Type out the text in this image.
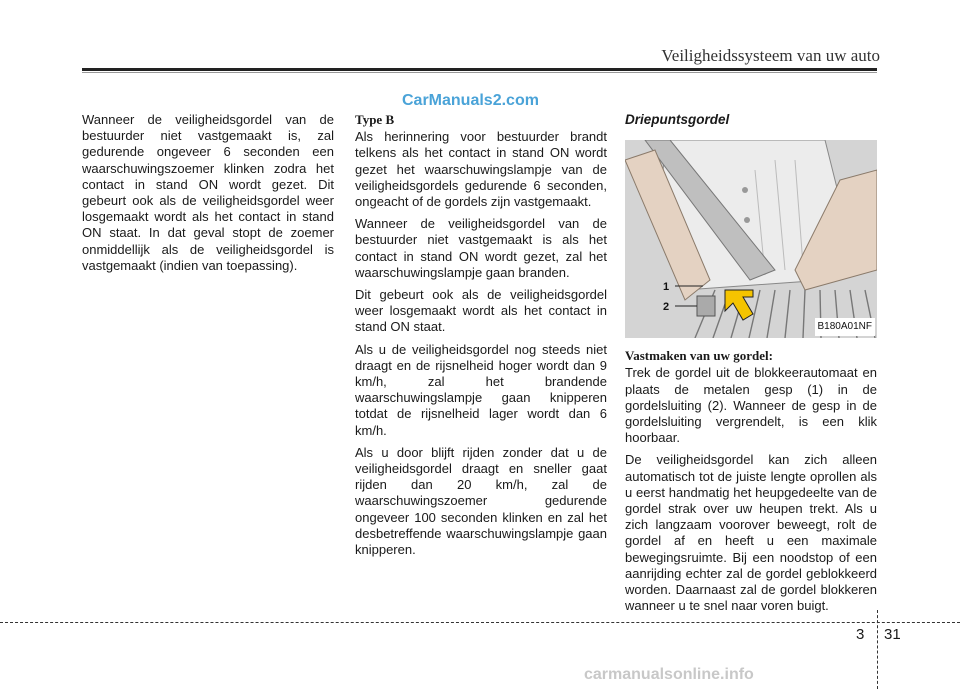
Veiligheidssysteem van uw auto
CarManuals2.com

Wanneer de veiligheidsgordel van de bestuurder niet vastgemaakt is, zal gedurende ongeveer 6 seconden een waarschuwingszoemer klinken zodra het contact in stand ON wordt gezet. Dit gebeurt ook als de veiligheidsgordel weer losgemaakt wordt als het contact in stand ON staat. In dat geval stopt de zoemer onmiddellijk als de veiligheidsgordel is vastgemaakt (indien van toepassing).

Type B

Als herinnering voor bestuurder brandt telkens als het contact in stand ON wordt gezet het waarschuwingslampje van de veiligheidsgordels gedurende 6 seconden, ongeacht of de gordels zijn vastgemaakt.

Wanneer de veiligheidsgordel van de bestuurder niet vastgemaakt is als het contact in stand ON wordt gezet, zal het waarschuwingslampje gaan branden.

Dit gebeurt ook als de veiligheidsgordel weer losgemaakt wordt als het contact in stand ON staat.

Als u de veiligheidsgordel nog steeds niet draagt en de rijsnelheid hoger wordt dan 9 km/h, zal het brandende waarschuwingslampje gaan knipperen totdat de rijsnelheid lager wordt dan 6 km/h.

Als u door blijft rijden zonder dat u de veiligheidsgordel draagt en sneller gaat rijden dan 20 km/h, zal de waarschuwingszoemer gedurende ongeveer 100 seconden klinken en zal het desbetreffende waarschuwingslampje gaan knipperen.

Driepuntsgordel
1
2
B180A01NF
Vastmaken van uw gordel:

Trek de gordel uit de blokkeerautomaat en plaats de metalen gesp (1) in de gordelsluiting (2). Wanneer de gesp in de gordelsluiting vergrendelt, is een klik hoorbaar.

De veiligheidsgordel kan zich alleen automatisch tot de juiste lengte oprollen als u eerst handmatig het heupgedeelte van de gordel strak over uw heupen trekt. Als u zich langzaam voorover beweegt, rolt de gordel af en heeft u een maximale bewegingsruimte. Bij een noodstop of een aanrijding echter zal de gordel geblokkeerd worden. Daarnaast zal de gordel blokkeren wanneer u te snel naar voren buigt.

3 31
carmanualsonline.info
